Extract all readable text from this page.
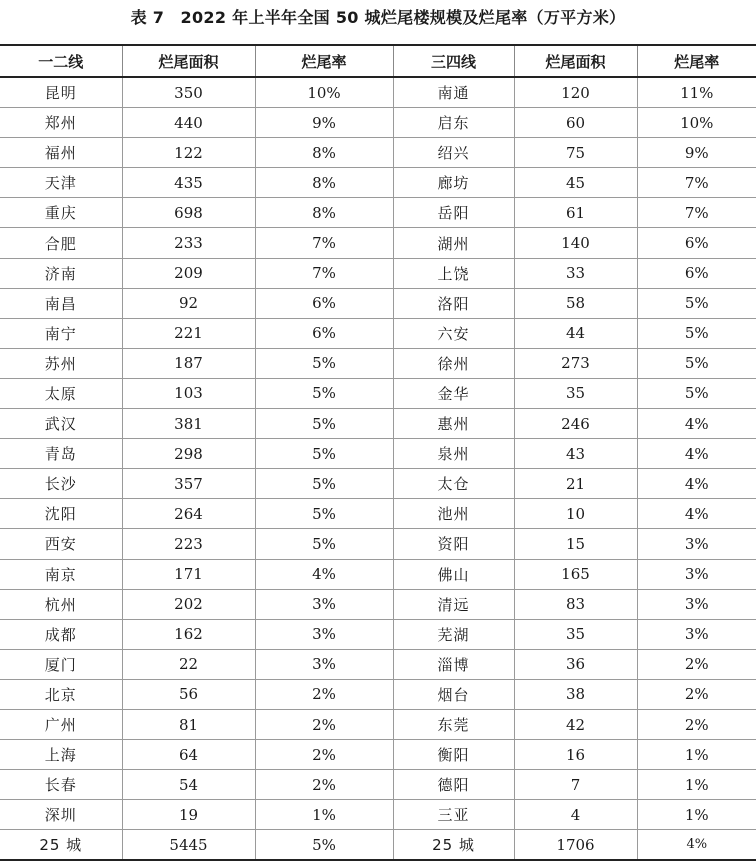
表 7　2022 年上半年全国 50 城烂尾楼规模及烂尾率（万平方米）
一二线	烂尾面积	烂尾率	三四线	烂尾面积	烂尾率
昆明	350	10%	南通	120	11%
郑州	440	9%	启东	60	10%
福州	122	8%	绍兴	75	9%
天津	435	8%	廊坊	45	7%
重庆	698	8%	岳阳	61	7%
合肥	233	7%	湖州	140	6%
济南	209	7%	上饶	33	6%
南昌	92	6%	洛阳	58	5%
南宁	221	6%	六安	44	5%
苏州	187	5%	徐州	273	5%
太原	103	5%	金华	35	5%
武汉	381	5%	惠州	246	4%
青岛	298	5%	泉州	43	4%
长沙	357	5%	太仓	21	4%
沈阳	264	5%	池州	10	4%
西安	223	5%	资阳	15	3%
南京	171	4%	佛山	165	3%
杭州	202	3%	清远	83	3%
成都	162	3%	芜湖	35	3%
厦门	22	3%	淄博	36	2%
北京	56	2%	烟台	38	2%
广州	81	2%	东莞	42	2%
上海	64	2%	衡阳	16	1%
长春	54	2%	德阳	7	1%
深圳	19	1%	三亚	4	1%
25 城	5445	5%	25 城	1706	4%
